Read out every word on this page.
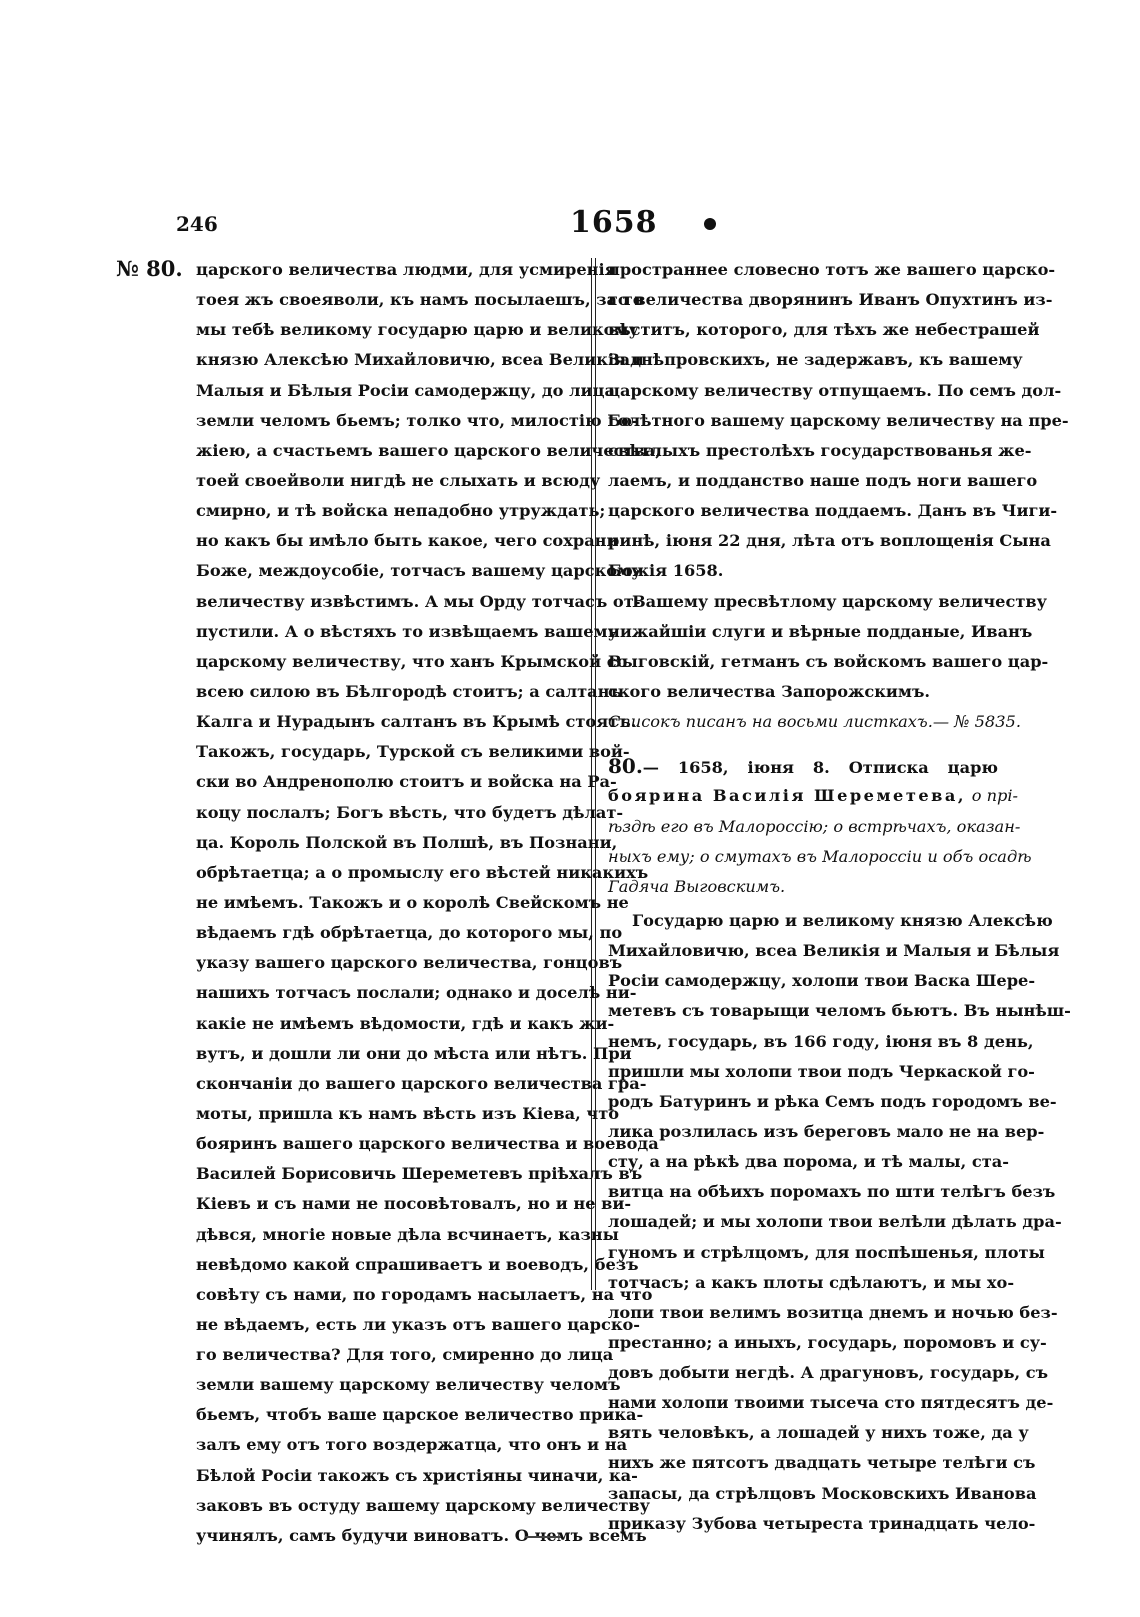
246	1658
№ 80. царского величества людми, для усмиренія
тоея жъ своеяволи, къ намъ посылаешъ, за то
мы тебѣ великому государю царю и великому
князю Алексѣю Михайловичю, всеа Великія и
Малыя и Бѣлыя Росіи самодержцу, до лица
земли челомъ бьемъ; толко что, милостію Бо-
жіею, а счастьемъ вашего царского величества,
тоей своейволи нигдѣ не слыхать и всюду
смирно, и тѣ войска непадобно утруждать;
но какъ бы имѣло быть какое, чего сохрани
Боже, междоусобіе, тотчасъ вашему царскому
величеству извѣстимъ. А мы Орду тотчасъ от-
пустили. А о вѣстяхъ то извѣщаемъ вашему
царскому величеству, что ханъ Крымской со
всею силою въ Бѣлгородѣ стоитъ; а салтанъ
Калга и Нурадынъ салтанъ въ Крымѣ стоятъ.
Такожъ, государь, Турской съ великими вой-
ски во Андренополю стоитъ и войска на Ра-
коцу послалъ; Богъ вѣсть, что будетъ дѣлат-
ца. Король Полской въ Полшѣ, въ Познани,
обрѣтаетца; а о промыслу его вѣстей никакихъ
не имѣемъ. Такожъ и о королѣ Свейскомъ не
вѣдаемъ гдѣ обрѣтаетца, до которого мы, по
указу вашего царского величества, гонцовъ
нашихъ тотчасъ послали; однако и доселѣ ни-
какіе не имѣемъ вѣдомости, гдѣ и какъ жи-
вутъ, и дошли ли они до мѣста или нѣтъ. При
скончаніи до вашего царского величества гра-
моты, пришла къ намъ вѣсть изъ Кіева, что
бояринъ вашего царского величества и воевода
Василей Борисовичь Шереметевъ пріѣхалъ въ
Кіевъ и съ нами не посовѣтовалъ, но и не ви-
дѣвся, многіе новые дѣла всчинаетъ, казны
невѣдомо какой спрашиваетъ и воеводъ, безъ
совѣту съ нами, по городамъ насылаетъ, на что
не вѣдаемъ, есть ли указъ отъ вашего царско-
го величества? Для того, смиренно до лица
земли вашему царскому величеству челомъ
бьемъ, чтобъ ваше царское величество прика-
залъ ему отъ того воздержатца, что онъ и на
Бѣлой Росіи такожъ съ христіяны чиначи, ка-
заковъ въ остуду вашему царскому величеству
учинялъ, самъ будучи виноватъ. О чемъ всемъ
пространнее словесно тотъ же вашего царско-
го величества дворянинъ Иванъ Опухтинъ из-
вѣститъ, которого, для тѣхъ же небестрашей
Заднѣпровскихъ, не задержавъ, къ вашему
царскому величеству отпущаемъ. По семъ дол-
голѣтного вашему царскому величеству на пре-
свѣтлыхъ престолѣхъ государствованья же-
лаемъ, и подданство наше подъ ноги вашего
царского величества поддаемъ. Данъ въ Чиги-
ринѣ, іюня 22 дня, лѣта отъ воплощенія Сына
Божія 1658.
Вашему пресвѣтлому царскому величеству
нижайшіи слуги и вѣрные подданые, Иванъ
Выговскій, гетманъ съ войскомъ вашего цар-
ского величества Запорожскимъ.
Списокъ писанъ на восьми листкахъ.— № 5835.
80.— 1658, іюня 8. Отписка царю
боярина Василія Шереметева, о прі-
ѣздѣ его въ Малороссію; о встрѣчахъ, оказан-
ныхъ ему; о смутахъ въ Малороссіи и объ осадѣ
Гадяча Выговскимъ.
Государю царю и великому князю Алексѣю
Михайловичю, всеа Великія и Малыя и Бѣлыя
Росіи самодержцу, холопи твои Васка Шере-
метевъ съ товарыщи челомъ бьютъ. Въ нынѣш-
немъ, государь, въ 166 году, іюня въ 8 день,
пришли мы холопи твои подъ Черкаской го-
родъ Батуринъ и рѣка Семъ подъ городомъ ве-
лика розлилась изъ береговъ мало не на вер-
сту, а на рѣкѣ два порома, и тѣ малы, ста-
витца на обѣихъ поромахъ по шти телѣгъ безъ
лошадей; и мы холопи твои велѣли дѣлать дра-
гуномъ и стрѣлцомъ, для поспѣшенья, плоты
тотчасъ; а какъ плоты сдѣлаютъ, и мы хо-
лопи твои велимъ возитца днемъ и ночью без-
престанно; а иныхъ, государь, поромовъ и су-
довъ добыти негдѣ. А драгуновъ, государь, съ
нами холопи твоими тысеча сто пятдесятъ де-
вять человѣкъ, а лошадей у нихъ тоже, да у
нихъ же пятсотъ двадцать четыре телѣги съ
запасы, да стрѣлцовъ Московскихъ Иванова
приказу Зубова четыреста тринадцать чело-
